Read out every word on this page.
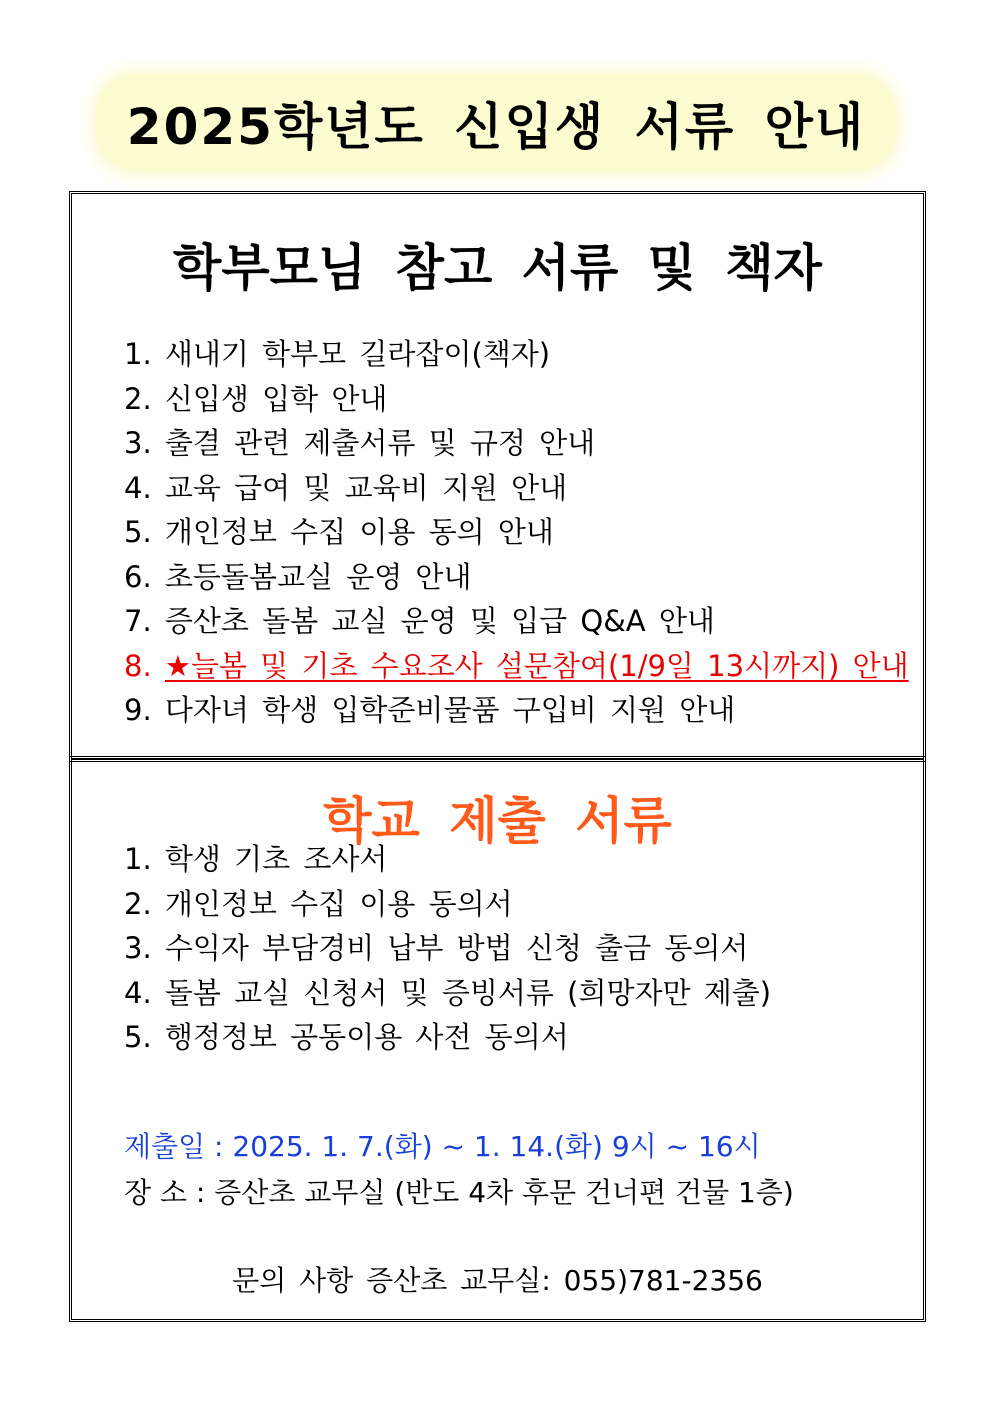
2025학년도 신입생 서류 안내
학부모님 참고 서류 및 책자
1. 새내기 학부모 길라잡이(책자)
2. 신입생 입학 안내
3. 출결 관련 제출서류 및 규정 안내
4. 교육 급여 및 교육비 지원 안내
5. 개인정보 수집 이용 동의 안내
6. 초등돌봄교실 운영 안내
7. 증산초 돌봄 교실 운영 및 입급 Q&A 안내
8. ★늘봄 및 기초 수요조사 설문참여(1/9일 13시까지) 안내
9. 다자녀 학생 입학준비물품 구입비 지원 안내
학교 제출 서류
1. 학생 기초 조사서
2. 개인정보 수집 이용 동의서
3. 수익자 부담경비 납부 방법 신청 출금 동의서
4. 돌봄 교실 신청서 및 증빙서류 (희망자만 제출)
5. 행정정보 공동이용 사전 동의서
제출일 : 2025. 1. 7.(화) ~ 1. 14.(화) 9시 ~ 16시
장 소 : 증산초 교무실 (반도 4차 후문 건너편 건물 1층)
문의 사항 증산초 교무실: 055)781-2356
